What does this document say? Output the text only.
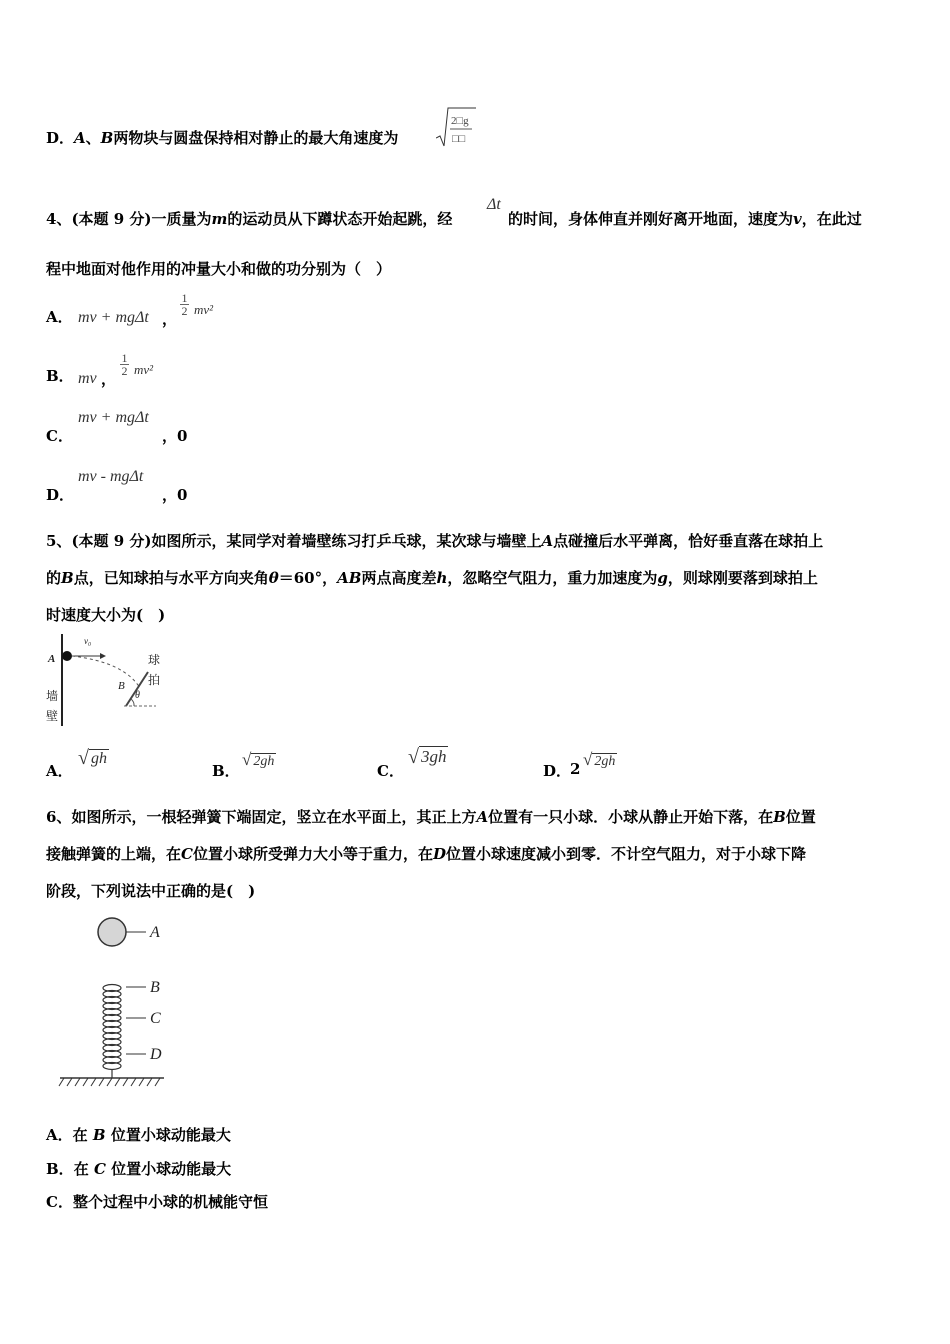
D．A、B两物块与圆盘保持相对静止的最大角速度为
2□g
□□
4、(本题 9 分)一质量为m的运动员从下蹲状态开始起跳，经
Δt
的时间，身体伸直并刚好离开地面，速度为v，在此过
程中地面对他作用的冲量大小和做的功分别为（　）
A． mv + mgΔt ，
$\frac{1}{2} mv^2$
B． mv ，
$\frac{1}{2} mv^2$
C．
mv + mgΔt
，0
D．
mv - mgΔt
，0
5、(本题 9 分)如图所示，某同学对着墙壁练习打乒乓球，某次球与墙壁上A点碰撞后水平弹离，恰好垂直落在球拍上
的B点，已知球拍与水平方向夹角θ＝60°，AB两点高度差h，忽略空气阻力，重力加速度为g，则球刚要落到球拍上
时速度大小为(　)
A
v₀
B
θ
墙
壁
球
拍
A．
√ gh
B．
√ 2gh
C．
√ 3gh
D．
2 √ 2gh
6、如图所示，一根轻弹簧下端固定，竖立在水平面上，其正上方A位置有一只小球．小球从静止开始下落，在B位置
接触弹簧的上端，在C位置小球所受弹力大小等于重力，在D位置小球速度减小到零．不计空气阻力，对于小球下降
阶段，下列说法中正确的是(　)
A
B
C
D
A．在 B 位置小球动能最大
B．在 C 位置小球动能最大
C．整个过程中小球的机械能守恒
